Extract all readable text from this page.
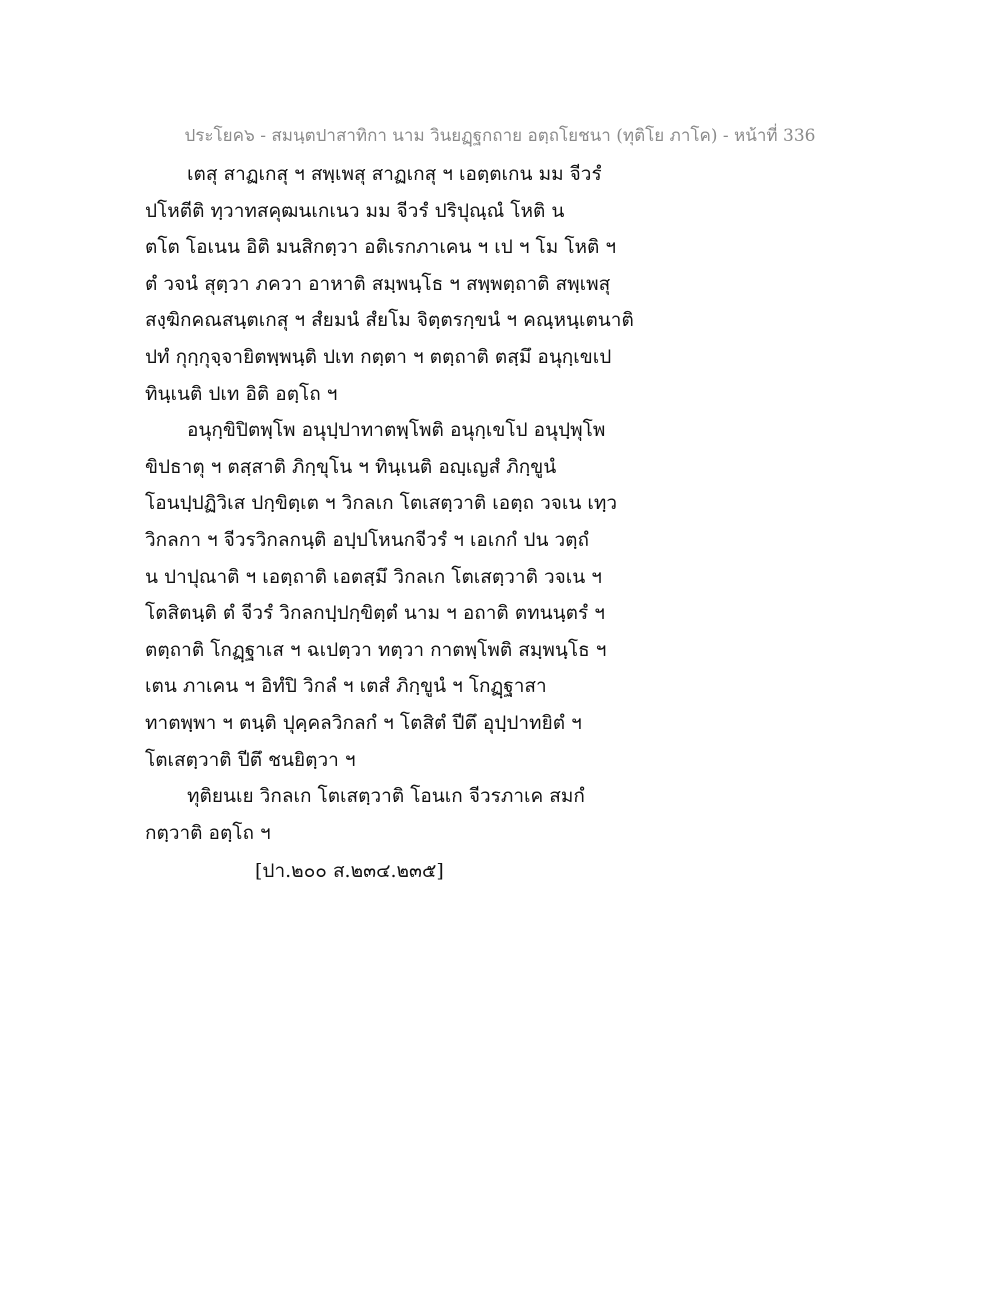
ประโยค๖ - สมนฺตปาสาทิกา นาม วินยฏฺฐกถาย อตฺถโยชนา (ทุติโย ภาโค) - หน้าที่ 336
เตสุ สาฏเกสุ ฯ สพฺเพสุ สาฏเกสุ ฯ เอตฺตเกน มม จีวรํ
ปโหตีติ ทฺวาทสคุฒนเกเนว มม จีวรํ ปริปุณฺณํ โหติ น
ตโต โอเนน อิติ มนสิกตฺวา อติเรกภาเคน ฯ เป ฯ โม โหติ ฯ
ตํ วจนํ สุตฺวา ภควา อาหาติ สมฺพนฺโธ ฯ สพฺพตฺถาติ สพฺเพสุ
สงฺฆิกคณสนฺตเกสุ ฯ สํยมนํ สํยโม จิตฺตรกฺขนํ ฯ คณฺหนฺเตนาติ
ปทํ กุกฺกุจฺจายิตพฺพนฺติ ปเท กตฺตา ฯ ตตฺถาติ ตสฺมึ อนุกฺเขเป
ทินฺเนติ ปเท อิติ อตฺโถ ฯ
อนุกฺขิปิตพฺโพ อนุปฺปาทาตพฺโพติ อนุกฺเขโป อนุปฺพุโพ
ขิปธาตุ ฯ ตสฺสาติ ภิกฺขุโน ฯ ทินฺเนติ อญฺเญสํ ภิกฺขูนํ
โอนปฺปฏิวิเส ปกฺขิตฺเต ฯ วิกลเก โตเสตฺวาติ เอตฺถ วจเน เทฺว
วิกลกา ฯ จีวรวิกลกนฺติ อปฺปโหนกจีวรํ ฯ เอเกกํ ปน วตฺถํ
น ปาปุณาติ ฯ เอตฺถาติ เอตสฺมึ วิกลเก โตเสตฺวาติ วจเน ฯ
โตสิตนฺติ ตํ จีวรํ วิกลกปฺปกฺขิตฺตํ นาม ฯ อถาติ ตทนนฺตรํ ฯ
ตตฺถาติ โกฏฺฐาเส ฯ ฉเปตฺวา ทตฺวา กาตพฺโพติ สมฺพนฺโธ ฯ
เตน ภาเคน ฯ อิทํปิ วิกลํ ฯ เตสํ ภิกฺขูนํ ฯ โกฏฺฐาสา
ทาตพฺพา ฯ ตนฺติ ปุคฺคลวิกลกํ ฯ โตสิตํ ปีตึ อุปฺปาทยิตํ ฯ
โตเสตฺวาติ ปีตึ ชนยิตฺวา ฯ
ทุติยนเย วิกลเก โตเสตฺวาติ โอนเก จีวรภาเค สมกํ
กตฺวาติ อตฺโถ ฯ
[ปา.๒๐๐ ส.๒๓๔.๒๓๕]
